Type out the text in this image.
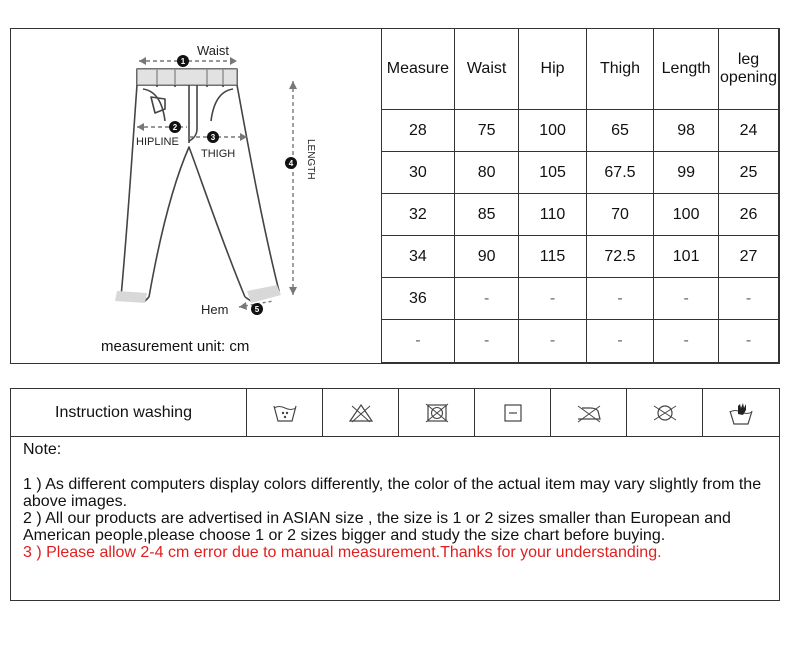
1
Waist
2
HIPLINE	3
THIGH
4 LENGTH
5
Hem
measurement unit: cm
Measure	Waist	Hip	Thigh	Length	leg
opening
28	75	100	65	98	24
30	80	105	67.5	99	25
32	85	110	70	100	26
34	90	115	72.5	101	27
36	-	-	-	-	-
-	-	-	-	-	-
Instruction washing

Note:

1 ) As different computers display colors differently, the color of the actual item may vary slightly from the above images.

2 ) All our products are advertised in ASIAN size , the size is 1 or 2 sizes smaller than European and American people,please choose 1 or 2 sizes bigger and study the size chart before buying.

3 ) Please allow 2-4 cm error due to manual measurement.Thanks for your understanding.
